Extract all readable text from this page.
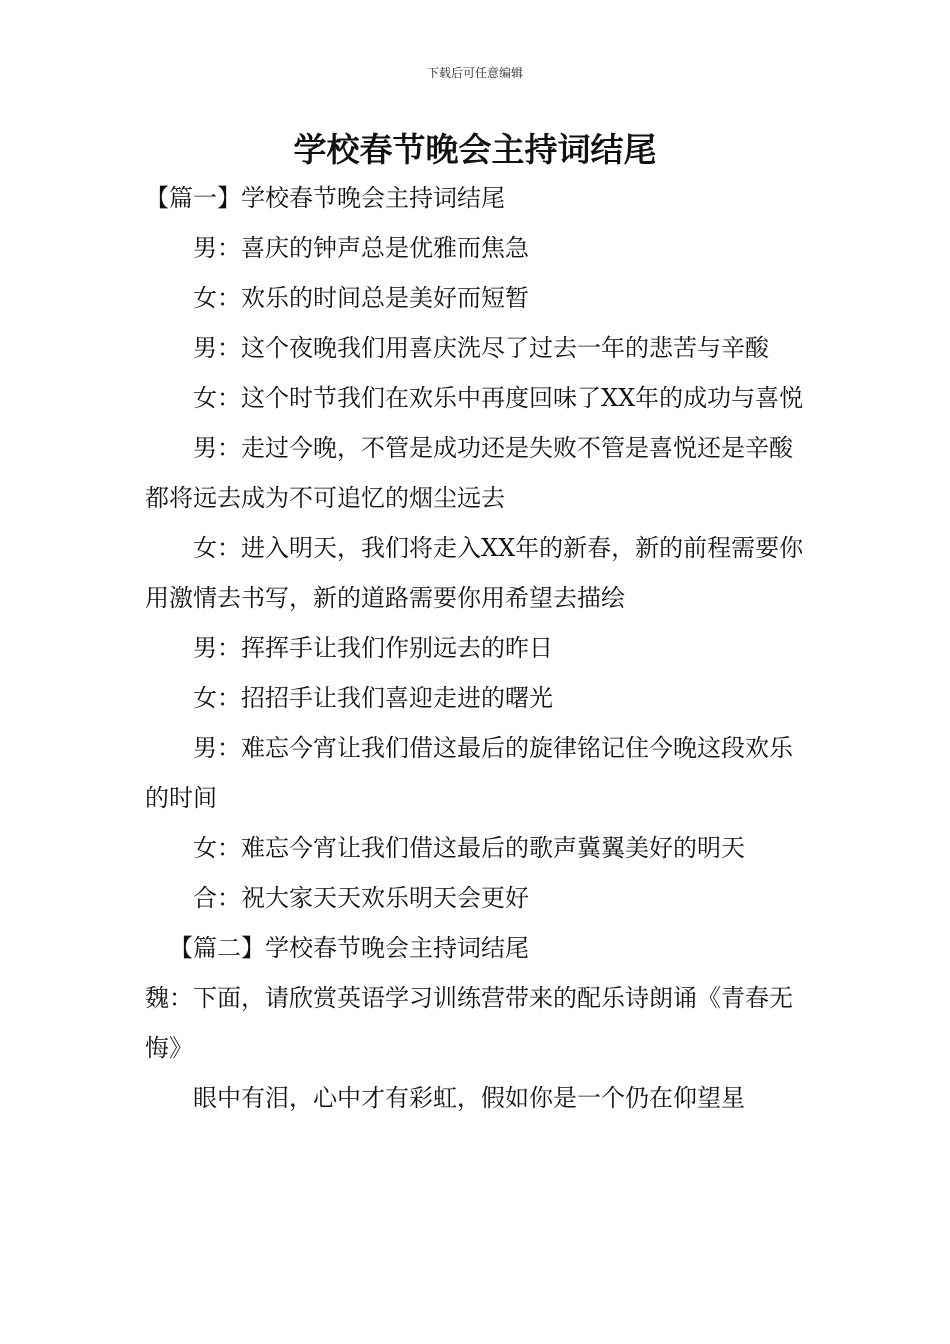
下载后可任意编辑
学校春节晚会主持词结尾

【篇一】学校春节晚会主持词结尾

男：喜庆的钟声总是优雅而焦急

女：欢乐的时间总是美好而短暂

男：这个夜晚我们用喜庆洗尽了过去一年的悲苦与辛酸

女：这个时节我们在欢乐中再度回味了XX年的成功与喜悦

男：走过今晚，不管是成功还是失败不管是喜悦还是辛酸都将远去成为不可追忆的烟尘远去

女：进入明天，我们将走入XX年的新春，新的前程需要你用激情去书写，新的道路需要你用希望去描绘

男：挥挥手让我们作别远去的昨日

女：招招手让我们喜迎走进的曙光

男：难忘今宵让我们借这最后的旋律铭记住今晚这段欢乐的时间

女：难忘今宵让我们借这最后的歌声冀翼美好的明天

合：祝大家天天欢乐明天会更好

【篇二】学校春节晚会主持词结尾

魏：下面，请欣赏英语学习训练营带来的配乐诗朗诵《青春无悔》

眼中有泪，心中才有彩虹，假如你是一个仍在仰望星
